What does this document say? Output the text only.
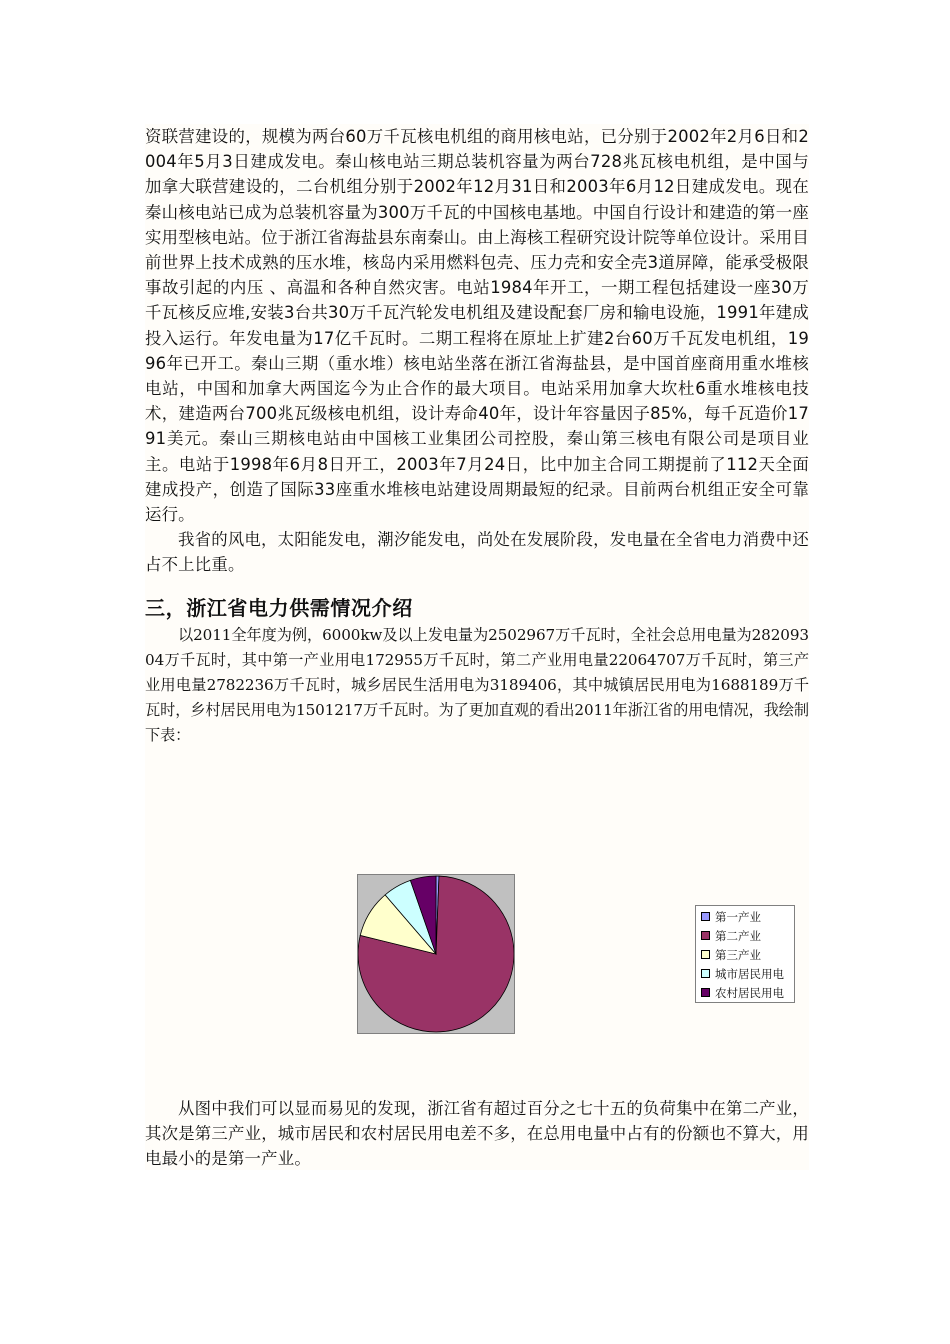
资联营建设的，规模为两台60万千瓦核电机组的商用核电站，已分别于2002年2月6日和2004年5月3日建成发电。秦山核电站三期总装机容量为两台728兆瓦核电机组，是中国与加拿大联营建设的，二台机组分别于2002年12月31日和2003年6月12日建成发电。现在秦山核电站已成为总装机容量为300万千瓦的中国核电基地。中国自行设计和建造的第一座实用型核电站。位于浙江省海盐县东南秦山。由上海核工程研究设计院等单位设计。采用目前世界上技术成熟的压水堆，核岛内采用燃料包壳、压力壳和安全壳3道屏障，能承受极限事故引起的内压 、高温和各种自然灾害。电站1984年开工，一期工程包括建设一座30万千瓦核反应堆,安装3台共30万千瓦汽轮发电机组及建设配套厂房和输电设施，1991年建成投入运行。年发电量为17亿千瓦时。二期工程将在原址上扩建2台60万千瓦发电机组，1996年已开工。秦山三期（重水堆）核电站坐落在浙江省海盐县，是中国首座商用重水堆核电站，中国和加拿大两国迄今为止合作的最大项目。电站采用加拿大坎杜6重水堆核电技术，建造两台700兆瓦级核电机组，设计寿命40年，设计年容量因子85%，每千瓦造价1791美元。秦山三期核电站由中国核工业集团公司控股，秦山第三核电有限公司是项目业主。电站于1998年6月8日开工，2003年7月24日，比中加主合同工期提前了112天全面建成投产，创造了国际33座重水堆核电站建设周期最短的纪录。目前两台机组正安全可靠运行。

我省的风电，太阳能发电，潮汐能发电，尚处在发展阶段，发电量在全省电力消费中还占不上比重。

三，浙江省电力供需情况介绍

以2011全年度为例，6000kw及以上发电量为2502967万千瓦时，全社会总用电量为28209304万千瓦时，其中第一产业用电172955万千瓦时，第二产业用电量22064707万千瓦时，第三产业用电量2782236万千瓦时，城乡居民生活用电为3189406，其中城镇居民用电为1688189万千瓦时，乡村居民用电为1501217万千瓦时。为了更加直观的看出2011年浙江省的用电情况，我绘制下表：

第一产业
第二产业
第三产业
城市居民用电
农村居民用电

从图中我们可以显而易见的发现，浙江省有超过百分之七十五的负荷集中在第二产业，其次是第三产业，城市居民和农村居民用电差不多，在总用电量中占有的份额也不算大，用电最小的是第一产业。
